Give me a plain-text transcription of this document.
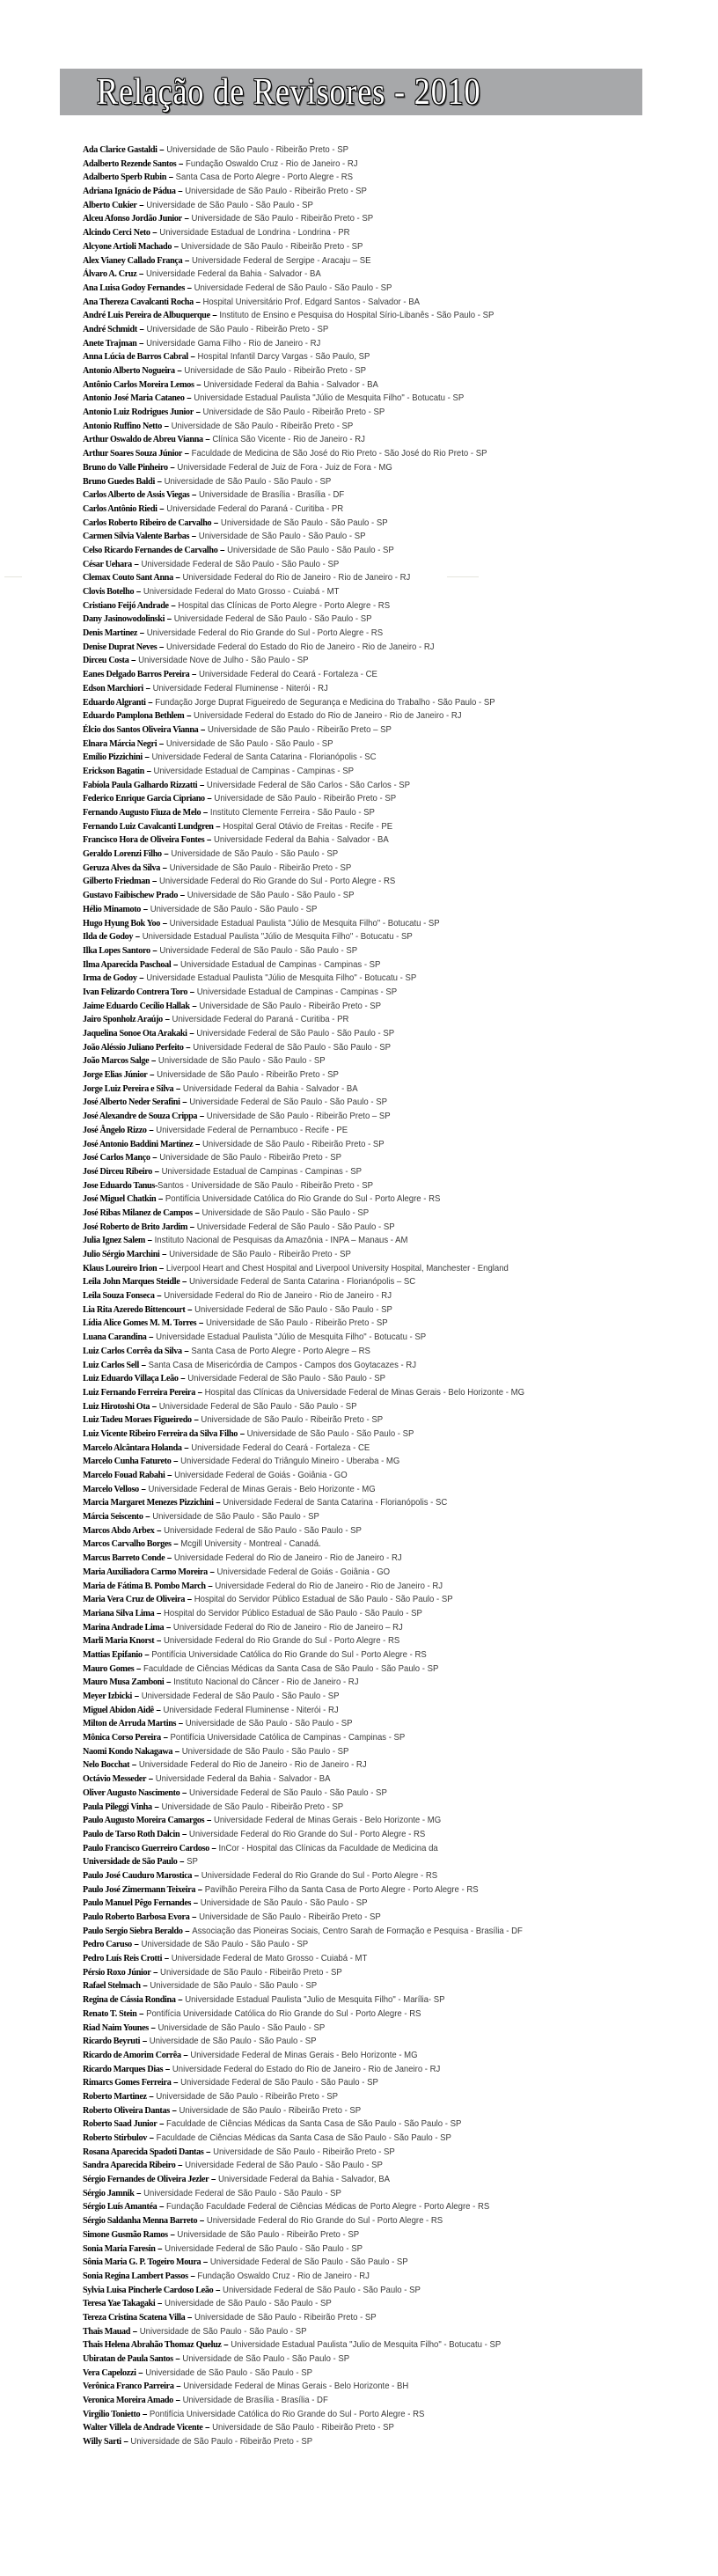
Relação de Revisores - 2010
Ada Clarice Gastaldi – Universidade de São Paulo - Ribeirão Preto - SP
Adalberto Rezende Santos – Fundação Oswaldo Cruz - Rio de Janeiro - RJ
Adalberto Sperb Rubin – Santa Casa de Porto Alegre - Porto Alegre - RS
Adriana Ignácio de Pádua – Universidade de São Paulo - Ribeirão Preto - SP
Alberto Cukier – Universidade de São Paulo - São Paulo - SP
Alceu Afonso Jordão Junior – Universidade de São Paulo - Ribeirão Preto - SP
Alcindo Cerci Neto – Universidade Estadual de Londrina - Londrina - PR
Alcyone Artioli Machado – Universidade de São Paulo - Ribeirão Preto - SP
Alex Vianey Callado França – Universidade Federal de Sergipe - Aracaju – SE
Álvaro A. Cruz – Universidade Federal da Bahia - Salvador - BA
Ana Luisa Godoy Fernandes – Universidade Federal de São Paulo - São Paulo - SP
Ana Thereza Cavalcanti Rocha – Hospital Universitário Prof. Edgard Santos - Salvador - BA
André Luis Pereira de Albuquerque – Instituto de Ensino e Pesquisa do Hospital Sírio-Libanês - São Paulo - SP
André Schmidt – Universidade de São Paulo - Ribeirão Preto - SP
Anete Trajman – Universidade Gama Filho - Rio de Janeiro - RJ
Anna Lúcia de Barros Cabral – Hospital Infantil Darcy Vargas - São Paulo, SP
Antonio Alberto Nogueira – Universidade de São Paulo - Ribeirão Preto - SP
Antônio Carlos Moreira Lemos – Universidade Federal da Bahia - Salvador - BA
Antonio José Maria Cataneo – Universidade Estadual Paulista "Júlio de Mesquita Filho" - Botucatu - SP
Antonio Luiz Rodrigues Junior – Universidade de São Paulo - Ribeirão Preto - SP
Antonio Ruffino Netto – Universidade de São Paulo - Ribeirão Preto - SP
Arthur Oswaldo de Abreu Vianna – Clínica São Vicente - Rio de Janeiro - RJ
Arthur Soares Souza Júnior – Faculdade de Medicina de São José do Rio Preto - São José do Rio Preto - SP
Bruno do Valle Pinheiro – Universidade Federal de Juiz de Fora - Juiz de Fora - MG
Bruno Guedes Baldi – Universidade de São Paulo - São Paulo - SP
Carlos Alberto de Assis Viegas – Universidade de Brasília - Brasília - DF
Carlos Antônio Riedi – Universidade Federal do Paraná - Curitiba - PR
Carlos Roberto Ribeiro de Carvalho – Universidade de São Paulo - São Paulo - SP
Carmen Sílvia Valente Barbas – Universidade de São Paulo - São Paulo - SP
Celso Ricardo Fernandes de Carvalho – Universidade de São Paulo - São Paulo - SP
César Uehara – Universidade Federal de São Paulo - São Paulo - SP
Clemax Couto Sant Anna – Universidade Federal do Rio de Janeiro - Rio de Janeiro - RJ
Clovis Botelho – Universidade Federal do Mato Grosso - Cuiabá - MT
Cristiano Feijó Andrade – Hospital das Clínicas de Porto Alegre - Porto Alegre - RS
Dany Jasinowodolinski – Universidade Federal de São Paulo - São Paulo - SP
Denis Martinez – Universidade Federal do Rio Grande do Sul - Porto Alegre - RS
Denise Duprat Neves – Universidade Federal do Estado do Rio de Janeiro - Rio de Janeiro - RJ
Dirceu Costa – Universidade Nove de Julho - São Paulo - SP
Eanes Delgado Barros Pereira – Universidade Federal do Ceará - Fortaleza - CE
Edson Marchiori – Universidade Federal Fluminense - Niterói - RJ
Eduardo Algranti – Fundação Jorge Duprat Figueiredo de Segurança e Medicina do Trabalho - São Paulo - SP
Eduardo Pamplona Bethlem – Universidade Federal do Estado do Rio de Janeiro - Rio de Janeiro - RJ
Élcio dos Santos Oliveira Vianna – Universidade de São Paulo - Ribeirão Preto – SP
Elnara Márcia Negri – Universidade de São Paulo - São Paulo - SP
Emílio Pizzichini – Universidade Federal de Santa Catarina - Florianópolis - SC
Erickson Bagatin – Universidade Estadual de Campinas - Campinas - SP
Fabíola Paula Galhardo Rizzatti – Universidade Federal de São Carlos - São Carlos - SP
Federico Enrique Garcia Cipriano – Universidade de São Paulo - Ribeirão Preto - SP
Fernando Augusto Fiuza de Melo – Instituto Clemente Ferreira - São Paulo - SP
Fernando Luiz Cavalcanti Lundgren – Hospital Geral Otávio de Freitas - Recife - PE
Francisco Hora de Oliveira Fontes – Universidade Federal da Bahia - Salvador - BA
Geraldo Lorenzi Filho – Universidade de São Paulo - São Paulo - SP
Geruza Alves da Silva – Universidade de São Paulo - Ribeirão Preto - SP
Gilberto Friedman – Universidade Federal do Rio Grande do Sul - Porto Alegre - RS
Gustavo Faibischew Prado – Universidade de São Paulo - São Paulo - SP
Hélio Minamoto – Universidade de São Paulo - São Paulo - SP
Hugo Hyung Bok Yoo – Universidade Estadual Paulista "Júlio de Mesquita Filho" - Botucatu - SP
Ilda de Godoy – Universidade Estadual Paulista "Júlio de Mesquita Filho" - Botucatu - SP
Ilka Lopes Santoro – Universidade Federal de São Paulo - São Paulo - SP
Ilma Aparecida Paschoal – Universidade Estadual de Campinas - Campinas - SP
Irma de Godoy – Universidade Estadual Paulista "Júlio de Mesquita Filho" - Botucatu - SP
Ivan Felizardo Contrera Toro – Universidade Estadual de Campinas - Campinas - SP
Jaime Eduardo Cecílio Hallak – Universidade de São Paulo - Ribeirão Preto - SP
Jairo Sponholz Araújo – Universidade Federal do Paraná - Curitiba - PR
Jaquelina Sonoe Ota Arakaki – Universidade Federal de São Paulo - São Paulo - SP
João Aléssio Juliano Perfeito – Universidade Federal de São Paulo - São Paulo - SP
João Marcos Salge – Universidade de São Paulo - São Paulo - SP
Jorge Elias Júnior – Universidade de São Paulo - Ribeirão Preto - SP
Jorge Luiz Pereira e Silva – Universidade Federal da Bahia - Salvador - BA
José Alberto Neder Serafini – Universidade Federal de São Paulo - São Paulo - SP
José Alexandre de Souza Crippa – Universidade de São Paulo - Ribeirão Preto – SP
José Ângelo Rizzo – Universidade Federal de Pernambuco - Recife - PE
José Antonio Baddini Martinez – Universidade de São Paulo - Ribeirão Preto - SP
José Carlos Manço – Universidade de São Paulo - Ribeirão Preto - SP
José Dirceu Ribeiro – Universidade Estadual de Campinas - Campinas - SP
Jose Eduardo Tanus-Santos - Universidade de São Paulo - Ribeirão Preto - SP
José Miguel Chatkin – Pontifícia Universidade Católica do Rio Grande do Sul - Porto Alegre - RS
José Ribas Milanez de Campos – Universidade de São Paulo - São Paulo - SP
José Roberto de Brito Jardim – Universidade Federal de São Paulo - São Paulo - SP
Julia Ignez Salem – Instituto Nacional de Pesquisas da Amazônia - INPA – Manaus - AM
Julio Sérgio Marchini – Universidade de São Paulo - Ribeirão Preto - SP
Klaus Loureiro Irion – Liverpool Heart and Chest Hospital and Liverpool University Hospital, Manchester - England
Leila John Marques Steidle – Universidade Federal de Santa Catarina - Florianópolis – SC
Leila Souza Fonseca – Universidade Federal do Rio de Janeiro - Rio de Janeiro - RJ
Lia Rita Azeredo Bittencourt – Universidade Federal de São Paulo - São Paulo - SP
Lídia Alice Gomes M. M. Torres – Universidade de São Paulo - Ribeirão Preto - SP
Luana Carandina – Universidade Estadual Paulista "Júlio de Mesquita Filho" - Botucatu - SP
Luiz Carlos Corrêa da Silva – Santa Casa de Porto Alegre - Porto Alegre – RS
Luiz Carlos Sell – Santa Casa de Misericórdia de Campos - Campos dos Goytacazes - RJ
Luiz Eduardo Villaça Leão – Universidade Federal de São Paulo - São Paulo - SP
Luiz Fernando Ferreira Pereira – Hospital das Clínicas da Universidade Federal de Minas Gerais - Belo Horizonte - MG
Luiz Hirotoshi Ota – Universidade Federal de São Paulo - São Paulo - SP
Luiz Tadeu Moraes Figueiredo – Universidade de São Paulo - Ribeirão Preto - SP
Luiz Vicente Ribeiro Ferreira da Silva Filho – Universidade de São Paulo - São Paulo - SP
Marcelo Alcântara Holanda – Universidade Federal do Ceará - Fortaleza - CE
Marcelo Cunha Fatureto – Universidade Federal do Triângulo Mineiro - Uberaba - MG
Marcelo Fouad Rabahi – Universidade Federal de Goiás - Goiânia - GO
Marcelo Velloso – Universidade Federal de Minas Gerais - Belo Horizonte - MG
Marcia Margaret Menezes Pizzichini – Universidade Federal de Santa Catarina - Florianópolis - SC
Márcia Seiscento – Universidade de São Paulo - São Paulo - SP
Marcos Abdo Arbex – Universidade Federal de São Paulo - São Paulo - SP
Marcos Carvalho Borges – Mcgill University - Montreal - Canadá.
Marcus Barreto Conde – Universidade Federal do Rio de Janeiro - Rio de Janeiro - RJ
Maria Auxiliadora Carmo Moreira – Universidade Federal de Goiás - Goiânia - GO
Maria de Fátima B. Pombo March – Universidade Federal do Rio de Janeiro - Rio de Janeiro - RJ
Maria Vera Cruz de Oliveira – Hospital do Servidor Público Estadual de São Paulo - São Paulo - SP
Mariana Silva Lima – Hospital do Servidor Público Estadual de São Paulo - São Paulo - SP
Marina Andrade Lima – Universidade Federal do Rio de Janeiro - Rio de Janeiro – RJ
Marli Maria Knorst – Universidade Federal do Rio Grande do Sul - Porto Alegre - RS
Mattias Epifanio – Pontifícia Universidade Católica do Rio Grande do Sul - Porto Alegre - RS
Mauro Gomes – Faculdade de Ciências Médicas da Santa Casa de São Paulo - São Paulo - SP
Mauro Musa Zamboni – Instituto Nacional do Câncer - Rio de Janeiro - RJ
Meyer Izbicki – Universidade Federal de São Paulo - São Paulo - SP
Miguel Abidon Aidê – Universidade Federal Fluminense - Niterói - RJ
Milton de Arruda Martins – Universidade de São Paulo - São Paulo - SP
Mônica Corso Pereira – Pontifícia Universidade Católica de Campinas - Campinas - SP
Naomi Kondo Nakagawa – Universidade de São Paulo - São Paulo - SP
Nelo Bocchat – Universidade Federal do Rio de Janeiro - Rio de Janeiro - RJ
Octávio Messeder – Universidade Federal da Bahia - Salvador - BA
Oliver Augusto Nascimento – Universidade Federal de São Paulo - São Paulo - SP
Paula Pileggi Vinha – Universidade de São Paulo - Ribeirão Preto - SP
Paulo Augusto Moreira Camargos – Universidade Federal de Minas Gerais - Belo Horizonte - MG
Paulo de Tarso Roth Dalcin – Universidade Federal do Rio Grande do Sul - Porto Alegre - RS
Paulo Francisco Guerreiro Cardoso – InCor - Hospital das Clínicas da Faculdade de Medicina da
Universidade de São Paulo – SP
Paulo José Cauduro Marostica – Universidade Federal do Rio Grande do Sul - Porto Alegre - RS
Paulo José Zimermann Teixeira – Pavilhão Pereira Filho da Santa Casa de Porto Alegre - Porto Alegre - RS
Paulo Manuel Pêgo Fernandes – Universidade de São Paulo - São Paulo - SP
Paulo Roberto Barbosa Evora – Universidade de São Paulo - Ribeirão Preto - SP
Paulo Sergio Siebra Beraldo – Associação das Pioneiras Sociais, Centro Sarah de Formação e Pesquisa - Brasília - DF
Pedro Caruso – Universidade de São Paulo - São Paulo - SP
Pedro Luís Reis Crotti – Universidade Federal de Mato Grosso - Cuiabá - MT
Pérsio Roxo Júnior – Universidade de São Paulo - Ribeirão Preto - SP
Rafael Stelmach – Universidade de São Paulo - São Paulo - SP
Regina de Cássia Rondina – Universidade Estadual Paulista "Julio de Mesquita Filho" - Marília- SP
Renato T. Stein – Pontifícia Universidade Católica do Rio Grande do Sul - Porto Alegre - RS
Riad Naim Younes – Universidade de São Paulo - São Paulo - SP
Ricardo Beyruti – Universidade de São Paulo - São Paulo - SP
Ricardo de Amorim Corrêa – Universidade Federal de Minas Gerais - Belo Horizonte - MG
Ricardo Marques Dias – Universidade Federal do Estado do Rio de Janeiro - Rio de Janeiro - RJ
Rimarcs Gomes Ferreira – Universidade Federal de São Paulo - São Paulo - SP
Roberto Martinez – Universidade de São Paulo - Ribeirão Preto - SP
Roberto Oliveira Dantas – Universidade de São Paulo - Ribeirão Preto - SP
Roberto Saad Junior – Faculdade de Ciências Médicas da Santa Casa de São Paulo - São Paulo - SP
Roberto Stirbulov – Faculdade de Ciências Médicas da Santa Casa de São Paulo - São Paulo - SP
Rosana Aparecida Spadoti Dantas – Universidade de São Paulo - Ribeirão Preto - SP
Sandra Aparecida Ribeiro – Universidade Federal de São Paulo - São Paulo - SP
Sérgio Fernandes de Oliveira Jezler – Universidade Federal da Bahia - Salvador, BA
Sérgio Jamnik – Universidade Federal de São Paulo - São Paulo - SP
Sérgio Luís Amantéa – Fundação Faculdade Federal de Ciências Médicas de Porto Alegre - Porto Alegre - RS
Sérgio Saldanha Menna Barreto – Universidade Federal do Rio Grande do Sul - Porto Alegre - RS
Simone Gusmão Ramos – Universidade de São Paulo - Ribeirão Preto - SP
Sonia Maria Faresin – Universidade Federal de São Paulo - São Paulo - SP
Sônia Maria G. P. Togeiro Moura – Universidade Federal de São Paulo - São Paulo - SP
Sonia Regina Lambert Passos – Fundação Oswaldo Cruz - Rio de Janeiro - RJ
Sylvia Luisa Pincherle Cardoso Leão – Universidade Federal de São Paulo - São Paulo - SP
Teresa Yae Takagaki – Universidade de São Paulo - São Paulo - SP
Tereza Cristina Scatena Villa – Universidade de São Paulo - Ribeirão Preto - SP
Thais Mauad – Universidade de São Paulo - São Paulo - SP
Thais Helena Abrahão Thomaz Queluz – Universidade Estadual Paulista "Julio de Mesquita Filho" - Botucatu - SP
Ubiratan de Paula Santos – Universidade de São Paulo - São Paulo - SP
Vera Capelozzi – Universidade de São Paulo - São Paulo - SP
Verônica Franco Parreira – Universidade Federal de Minas Gerais - Belo Horizonte - BH
Veronica Moreira Amado – Universidade de Brasília - Brasília - DF
Virgílio Tonietto – Pontifícia Universidade Católica do Rio Grande do Sul - Porto Alegre - RS
Walter Villela de Andrade Vicente – Universidade de São Paulo - Ribeirão Preto - SP
Willy Sarti – Universidade de São Paulo - Ribeirão Preto - SP
